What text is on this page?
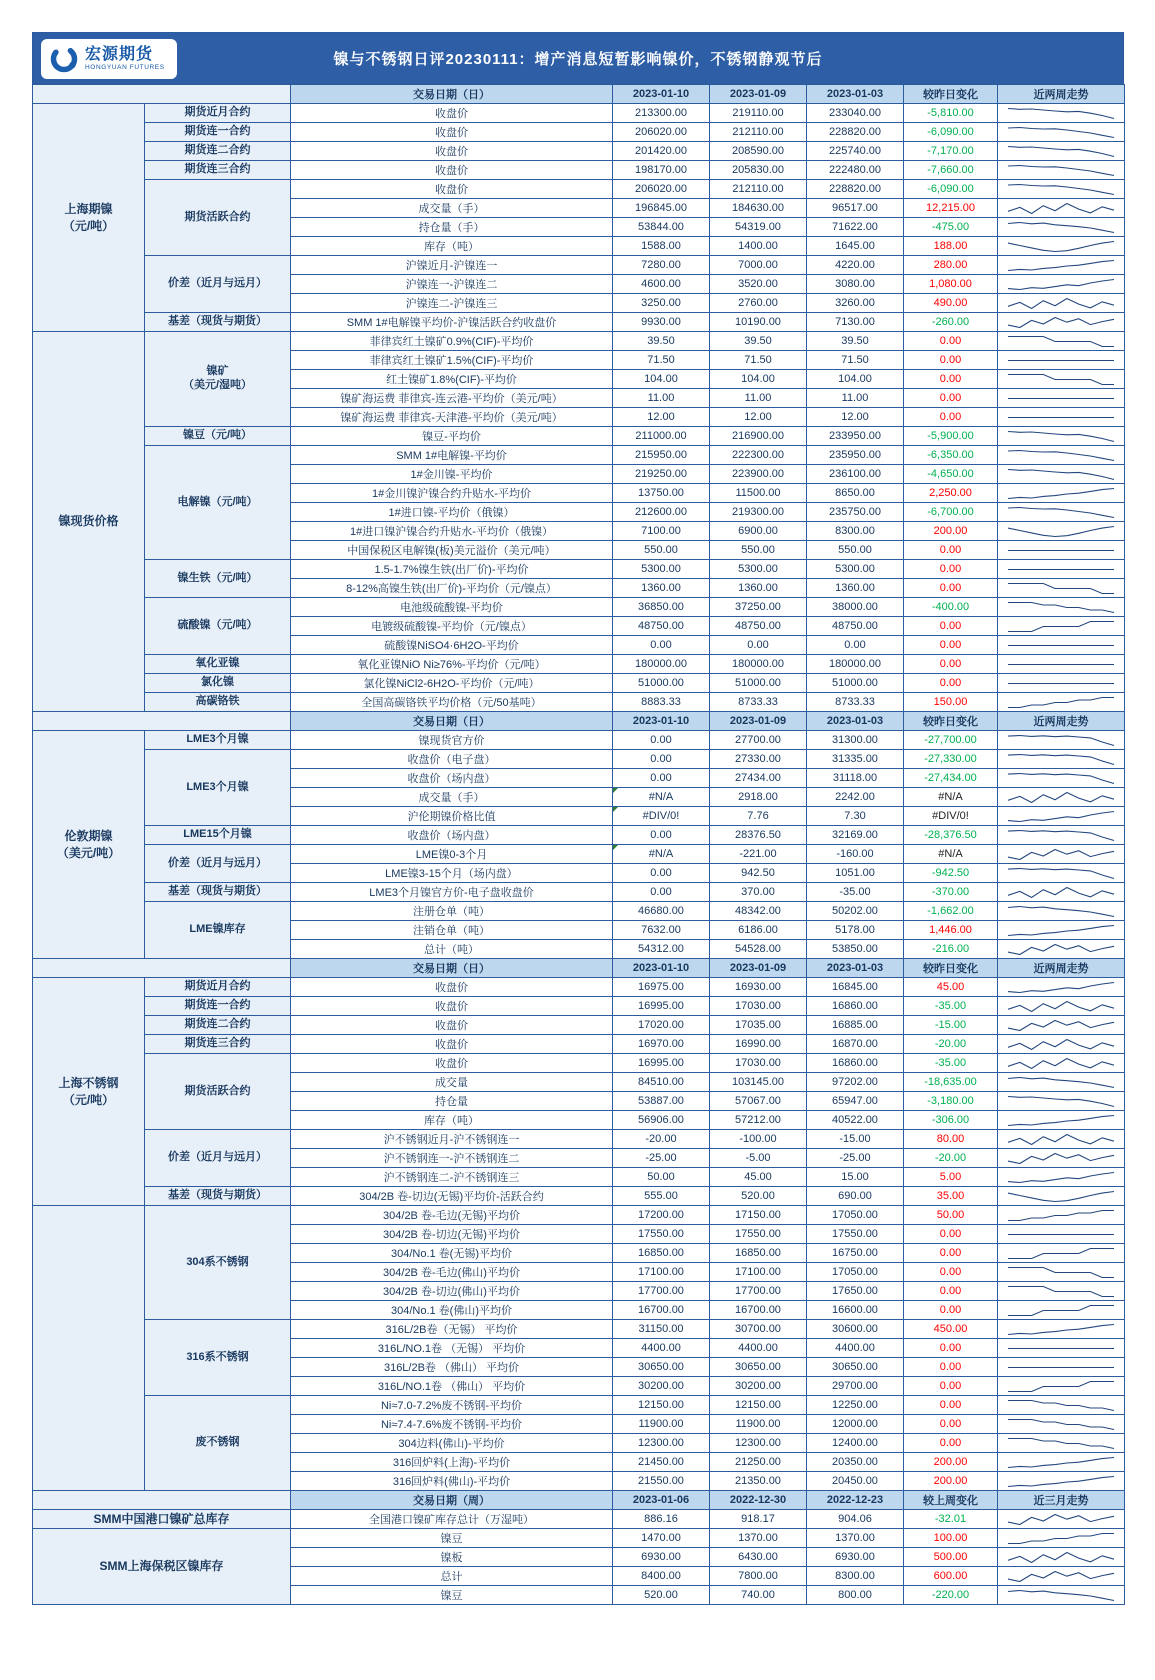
宏源期货
HONGYUAN FUTURES	镍与不锈钢日评20230111：增产消息短暂影响镍价，不锈钢静观节后
		交易日期（日）	2023-01-10	2023-01-09	2023-01-03	较昨日变化	近两周走势
上海期镍
（元/吨）	期货近月合约	收盘价	213300.00	219110.00	233040.00	-5,810.00	

	期货连一合约	收盘价	206020.00	212110.00	228820.00	-6,090.00	

	期货连二合约	收盘价	201420.00	208590.00	225740.00	-7,170.00	

	期货连三合约	收盘价	198170.00	205830.00	222480.00	-7,660.00	

	期货活跃合约	收盘价	206020.00	212110.00	228820.00	-6,090.00	

		成交量（手）	196845.00	184630.00	96517.00	12,215.00	

		持仓量（手）	53844.00	54319.00	71622.00	-475.00	

		库存（吨）	1588.00	1400.00	1645.00	188.00	

	价差（近月与远月）	沪镍近月-沪镍连一	7280.00	7000.00	4220.00	280.00	

		沪镍连一-沪镍连二	4600.00	3520.00	3080.00	1,080.00	

		沪镍连二-沪镍连三	3250.00	2760.00	3260.00	490.00	

	基差（现货与期货）	SMM 1#电解镍平均价-沪镍活跃合约收盘价	9930.00	10190.00	7130.00	-260.00	

镍现货价格	镍矿
（美元/湿吨）	菲律宾红土镍矿0.9%(CIF)-平均价	39.50	39.50	39.50	0.00	

		菲律宾红土镍矿1.5%(CIF)-平均价	71.50	71.50	71.50	0.00	

		红土镍矿1.8%(CIF)-平均价	104.00	104.00	104.00	0.00	

		镍矿海运费 菲律宾-连云港-平均价（美元/吨）	11.00	11.00	11.00	0.00	

		镍矿海运费 菲律宾-天津港-平均价（美元/吨）	12.00	12.00	12.00	0.00	

	镍豆（元/吨）	镍豆-平均价	211000.00	216900.00	233950.00	-5,900.00	

	电解镍（元/吨）	SMM 1#电解镍-平均价	215950.00	222300.00	235950.00	-6,350.00	

		1#金川镍-平均价	219250.00	223900.00	236100.00	-4,650.00	

		1#金川镍沪镍合约升贴水-平均价	13750.00	11500.00	8650.00	2,250.00	

		1#进口镍-平均价（俄镍）	212600.00	219300.00	235750.00	-6,700.00	

		1#进口镍沪镍合约升贴水-平均价（俄镍）	7100.00	6900.00	8300.00	200.00	

		中国保税区电解镍(板)美元溢价（美元/吨）	550.00	550.00	550.00	0.00	

	镍生铁（元/吨）	1.5-1.7%镍生铁(出厂价)-平均价	5300.00	5300.00	5300.00	0.00	

		8-12%高镍生铁(出厂价)-平均价（元/镍点）	1360.00	1360.00	1360.00	0.00	

	硫酸镍（元/吨）	电池级硫酸镍-平均价	36850.00	37250.00	38000.00	-400.00	

		电镀级硫酸镍-平均价（元/镍点）	48750.00	48750.00	48750.00	0.00	

		硫酸镍NiSO4·6H2O-平均价	0.00	0.00	0.00	0.00	

	氧化亚镍	氧化亚镍NiO Ni≥76%-平均价（元/吨）	180000.00	180000.00	180000.00	0.00	

	氯化镍	氯化镍NiCl2-6H2O-平均价（元/吨）	51000.00	51000.00	51000.00	0.00	

	高碳铬铁	全国高碳铬铁平均价格（元/50基吨）	8883.33	8733.33	8733.33	150.00	

		交易日期（日）	2023-01-10	2023-01-09	2023-01-03	较昨日变化	近两周走势
伦敦期镍
（美元/吨）	LME3个月镍	镍现货官方价	0.00	27700.00	31300.00	-27,700.00	

	LME3个月镍	收盘价（电子盘）	0.00	27330.00	31335.00	-27,330.00	

		收盘价（场内盘）	0.00	27434.00	31118.00	-27,434.00	

		成交量（手）	#N/A	2918.00	2242.00	#N/A	

		沪伦期镍价格比值	#DIV/0!	7.76	7.30	#DIV/0!	

	LME15个月镍	收盘价（场内盘）	0.00	28376.50	32169.00	-28,376.50	

	价差（近月与远月）	LME镍0-3个月	#N/A	-221.00	-160.00	#N/A	

		LME镍3-15个月（场内盘）	0.00	942.50	1051.00	-942.50	

	基差（现货与期货）	LME3个月镍官方价-电子盘收盘价	0.00	370.00	-35.00	-370.00	

	LME镍库存	注册仓单（吨）	46680.00	48342.00	50202.00	-1,662.00	

		注销仓单（吨）	7632.00	6186.00	5178.00	1,446.00	

		总计（吨）	54312.00	54528.00	53850.00	-216.00	

		交易日期（日）	2023-01-10	2023-01-09	2023-01-03	较昨日变化	近两周走势
上海不锈钢
（元/吨）	期货近月合约	收盘价	16975.00	16930.00	16845.00	45.00	

	期货连一合约	收盘价	16995.00	17030.00	16860.00	-35.00	

	期货连二合约	收盘价	17020.00	17035.00	16885.00	-15.00	

	期货连三合约	收盘价	16970.00	16990.00	16870.00	-20.00	

	期货活跃合约	收盘价	16995.00	17030.00	16860.00	-35.00	

		成交量	84510.00	103145.00	97202.00	-18,635.00	

		持仓量	53887.00	57067.00	65947.00	-3,180.00	

		库存（吨）	56906.00	57212.00	40522.00	-306.00	

	价差（近月与远月）	沪不锈钢近月-沪不锈钢连一	-20.00	-100.00	-15.00	80.00	

		沪不锈钢连一-沪不锈钢连二	-25.00	-5.00	-25.00	-20.00	

		沪不锈钢连二-沪不锈钢连三	50.00	45.00	15.00	5.00	

	基差（现货与期货）	304/2B 卷-切边(无锡)平均价-活跃合约	555.00	520.00	690.00	35.00	

	304系不锈钢	304/2B 卷-毛边(无锡)平均价	17200.00	17150.00	17050.00	50.00	

		304/2B 卷-切边(无锡)平均价	17550.00	17550.00	17550.00	0.00	

		304/No.1 卷(无锡)平均价	16850.00	16850.00	16750.00	0.00	

		304/2B 卷-毛边(佛山)平均价	17100.00	17100.00	17050.00	0.00	

		304/2B 卷-切边(佛山)平均价	17700.00	17700.00	17650.00	0.00	

		304/No.1 卷(佛山)平均价	16700.00	16700.00	16600.00	0.00	

	316系不锈钢	316L/2B卷（无锡） 平均价	31150.00	30700.00	30600.00	450.00	

		316L/NO.1卷 （无锡） 平均价	4400.00	4400.00	4400.00	0.00	

		316L/2B卷 （佛山） 平均价	30650.00	30650.00	30650.00	0.00	

		316L/NO.1卷 （佛山） 平均价	30200.00	30200.00	29700.00	0.00	

	废不锈钢	Ni≈7.0-7.2%废不锈钢-平均价	12150.00	12150.00	12250.00	0.00	

		Ni≈7.4-7.6%废不锈钢-平均价	11900.00	11900.00	12000.00	0.00	

		304边料(佛山)-平均价	12300.00	12300.00	12400.00	0.00	

		316回炉料(上海)-平均价	21450.00	21250.00	20350.00	200.00	

		316回炉料(佛山)-平均价	21550.00	21350.00	20450.00	200.00	

		交易日期（周）	2023-01-06	2022-12-30	2022-12-23	较上周变化	近三月走势
SMM中国港口镍矿总库存		全国港口镍矿库存总计（万湿吨）	886.16	918.17	904.06	-32.01	

SMM上海保税区镍库存		镍豆	1470.00	1370.00	1370.00	100.00	

		镍板	6930.00	6430.00	6930.00	500.00	

		总计	8400.00	7800.00	8300.00	600.00	

		镍豆	520.00	740.00	800.00	-220.00	
